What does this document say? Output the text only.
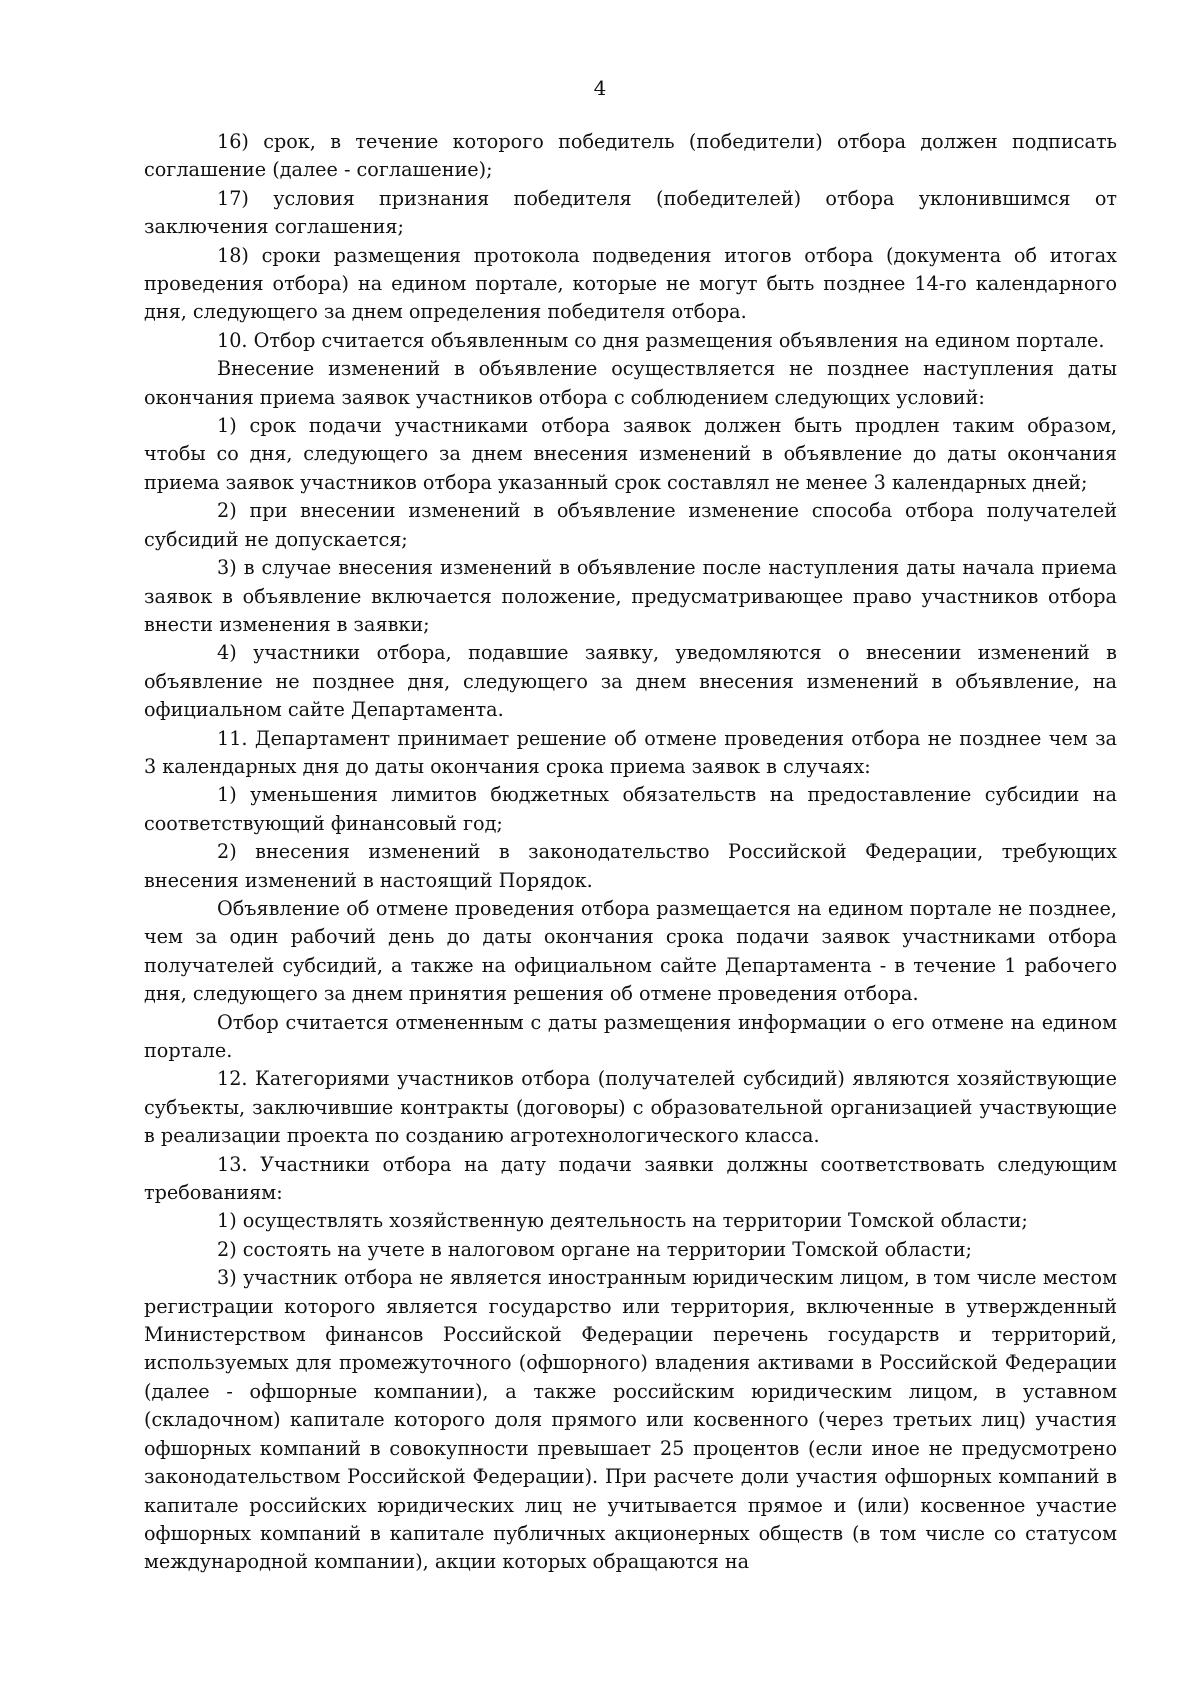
4

16) срок, в течение которого победитель (победители) отбора должен подписать соглашение (далее - соглашение);

17) условия признания победителя (победителей) отбора уклонившимся от заключения соглашения;

18) сроки размещения протокола подведения итогов отбора (документа об итогах проведения отбора) на едином портале, которые не могут быть позднее 14-го календарного дня, следующего за днем определения победителя отбора.

10. Отбор считается объявленным со дня размещения объявления на едином портале.

Внесение изменений в объявление осуществляется не позднее наступления даты окончания приема заявок участников отбора с соблюдением следующих условий:

1) срок подачи участниками отбора заявок должен быть продлен таким образом, чтобы со дня, следующего за днем внесения изменений в объявление до даты окончания приема заявок участников отбора указанный срок составлял не менее 3 календарных дней;

2) при внесении изменений в объявление изменение способа отбора получателей субсидий не допускается;

3) в случае внесения изменений в объявление после наступления даты начала приема заявок в объявление включается положение, предусматривающее право участников отбора внести изменения в заявки;

4) участники отбора, подавшие заявку, уведомляются о внесении изменений в объявление не позднее дня, следующего за днем внесения изменений в объявление, на официальном сайте Департамента.

11. Департамент принимает решение об отмене проведения отбора не позднее чем за 3 календарных дня до даты окончания срока приема заявок в случаях:

1) уменьшения лимитов бюджетных обязательств на предоставление субсидии на соответствующий финансовый год;

2) внесения изменений в законодательство Российской Федерации, требующих внесения изменений в настоящий Порядок.

Объявление об отмене проведения отбора размещается на едином портале не позднее, чем за один рабочий день до даты окончания срока подачи заявок участниками отбора получателей субсидий, а также на официальном сайте Департамента - в течение 1 рабочего дня, следующего за днем принятия решения об отмене проведения отбора.

Отбор считается отмененным с даты размещения информации о его отмене на едином портале.

12. Категориями участников отбора (получателей субсидий) являются хозяйствующие субъекты, заключившие контракты (договоры) с образовательной организацией участвующие в реализации проекта по созданию агротехнологического класса.

13. Участники отбора на дату подачи заявки должны соответствовать следующим требованиям:

1) осуществлять хозяйственную деятельность на территории Томской области;

2) состоять на учете в налоговом органе на территории Томской области;

3) участник отбора не является иностранным юридическим лицом, в том числе местом регистрации которого является государство или территория, включенные в утвержденный Министерством финансов Российской Федерации перечень государств и территорий, используемых для промежуточного (офшорного) владения активами в Российской Федерации (далее - офшорные компании), а также российским юридическим лицом, в уставном (складочном) капитале которого доля прямого или косвенного (через третьих лиц) участия офшорных компаний в совокупности превышает 25 процентов (если иное не предусмотрено законодательством Российской Федерации). При расчете доли участия офшорных компаний в капитале российских юридических лиц не учитывается прямое и (или) косвенное участие офшорных компаний в капитале публичных акционерных обществ (в том числе со статусом международной компании), акции которых обращаются на
